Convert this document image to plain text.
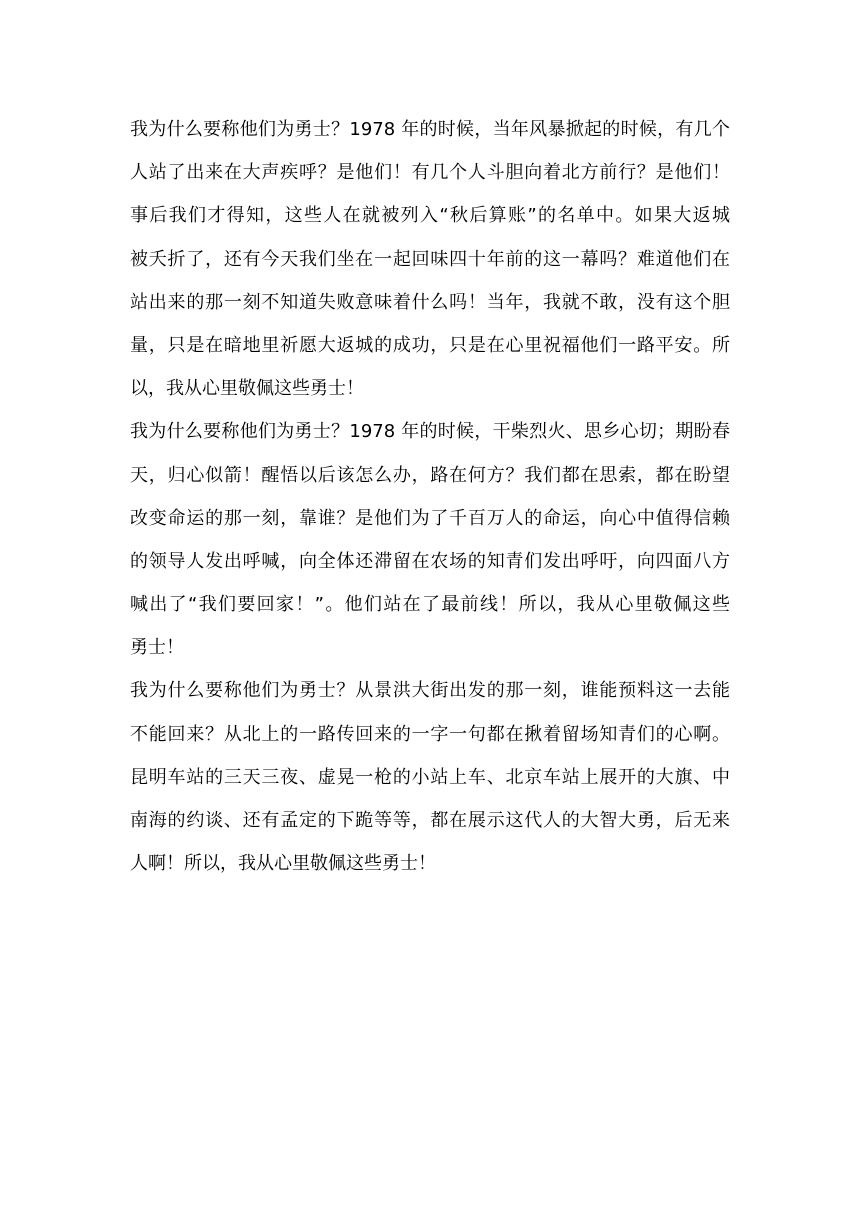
我为什么要称他们为勇士？1978 年的时候，当年风暴掀起的时候，有几个
人站了出来在大声疾呼？是他们！有几个人斗胆向着北方前行？是他们！
事后我们才得知，这些人在就被列入“秋后算账”的名单中。如果大返城
被夭折了，还有今天我们坐在一起回味四十年前的这一幕吗？难道他们在
站出来的那一刻不知道失败意味着什么吗！当年，我就不敢，没有这个胆
量，只是在暗地里祈愿大返城的成功，只是在心里祝福他们一路平安。所
以，我从心里敬佩这些勇士！
我为什么要称他们为勇士？1978 年的时候，干柴烈火、思乡心切；期盼春
天，归心似箭！醒悟以后该怎么办，路在何方？我们都在思索，都在盼望
改变命运的那一刻，靠谁？是他们为了千百万人的命运，向心中值得信赖
的领导人发出呼喊，向全体还滞留在农场的知青们发出呼吁，向四面八方
喊出了“我们要回家！”。他们站在了最前线！所以，我从心里敬佩这些
勇士！
我为什么要称他们为勇士？从景洪大街出发的那一刻，谁能预料这一去能
不能回来？从北上的一路传回来的一字一句都在揪着留场知青们的心啊。
昆明车站的三天三夜、虚晃一枪的小站上车、北京车站上展开的大旗、中
南海的约谈、还有孟定的下跪等等，都在展示这代人的大智大勇，后无来
人啊！所以，我从心里敬佩这些勇士！
